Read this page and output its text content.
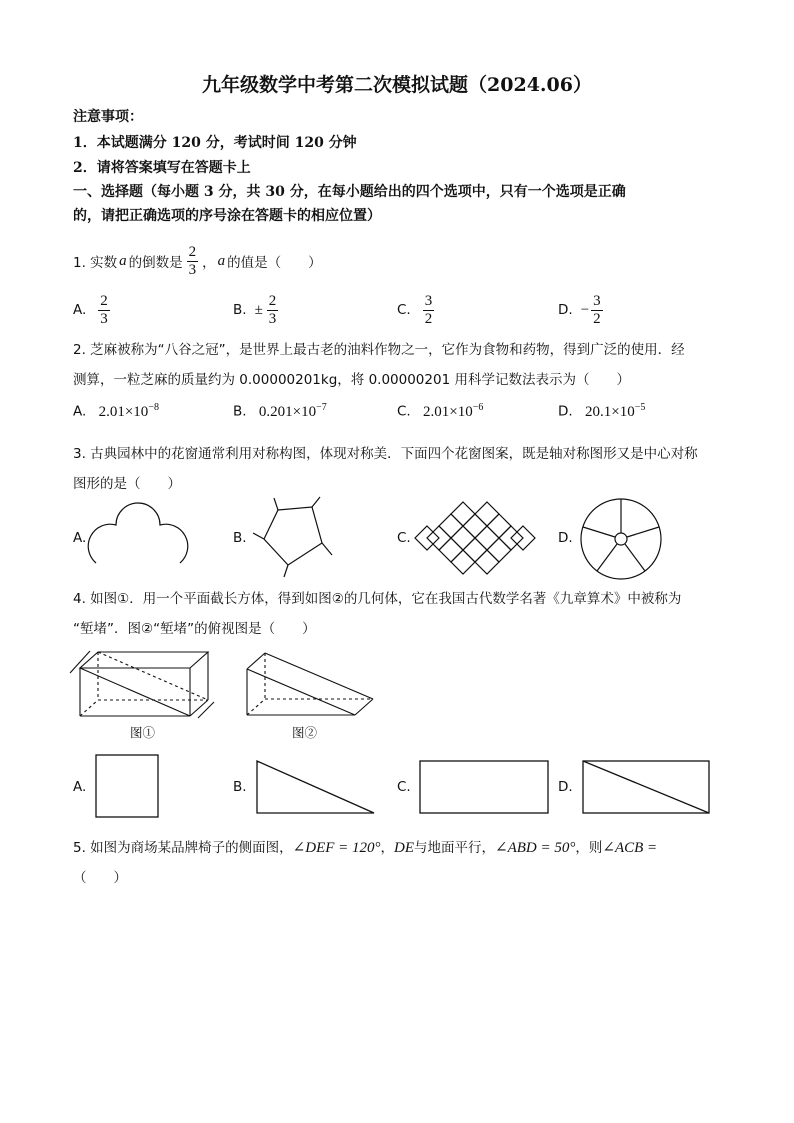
九年级数学中考第二次模拟试题（2024.06）
注意事项：
1．本试题满分 120 分，考试时间 120 分钟
2．请将答案填写在答题卡上
一、选择题（每小题 3 分，共 30 分，在每小题给出的四个选项中，只有一个选项是正确
的，请把正确选项的序号涂在答题卡的相应位置）
1. 实数 a 的倒数是 $\frac{2}{3}$ ， a 的值是（　　）
A. $\frac{2}{3}$	B. ± $\frac{2}{3}$	C. $\frac{3}{2}$	D. − $\frac{3}{2}$
2. 芝麻被称为“八谷之冠”，是世界上最古老的油料作物之一，它作为食物和药物，得到广泛的使用．经
测算，一粒芝麻的质量约为 0.00000201kg，将 0.00000201 用科学记数法表示为（　　）
A. $2.01\times 10^{-8}$	B. $0.201\times 10^{-7}$	C. $2.01\times 10^{-6}$	D. $20.1\times 10^{-5}$
3. 古典园林中的花窗通常利用对称构图，体现对称美．下面四个花窗图案，既是轴对称图形又是中心对称
图形的是（　　）
A.	B.	C.	D.
4. 如图①．用一个平面截长方体，得到如图②的几何体，它在我国古代数学名著《九章算术》中被称为
“堑堵”．图②“堑堵”的俯视图是（　　）
图①	图②
A.	B.	C.	D.
5. 如图为商场某品牌椅子的侧面图， ∠DEF = 120° ， DE 与地面平行， ∠ABD = 50° ，则 ∠ACB =
（　　）
